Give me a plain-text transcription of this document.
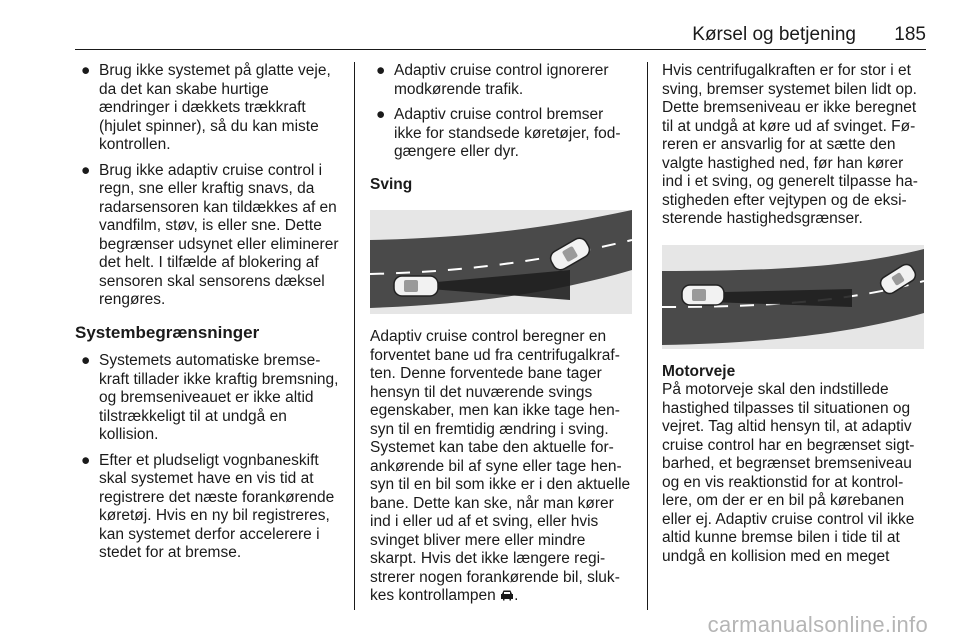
Kørsel og betjening 185
● Brug ikke systemet på glatte veje, da det kan skabe hurtige ændringer i dækkets trækkraft (hjulet spinner), så du kan miste kontrollen.
● Brug ikke adaptiv cruise control i regn, sne eller kraftig snavs, da radarsensoren kan tildækkes af en vandfilm, støv, is eller sne. Dette begrænser udsynet eller eliminerer det helt. I tilfælde af blokering af sensoren skal sensorens dæksel rengøres.
Systembegrænsninger
● Systemets automatiske bremsekraft tillader ikke kraftig bremsning, og bremseniveauet er ikke altid tilstrækkeligt til at undgå en kollision.
● Efter et pludseligt vognbaneskift skal systemet have en vis tid at registrere det næste forankørende køretøj. Hvis en ny bil registreres, kan systemet derfor accelerere i stedet for at bremse.
● Adaptiv cruise control ignorerer modkørende trafik.
● Adaptiv cruise control bremser ikke for standsede køretøjer, fodgængere eller dyr.
Sving

Adaptiv cruise control beregner en forventet bane ud fra centrifugalkraften. Denne forventede bane tager hensyn til det nuværende svings egenskaber, men kan ikke tage hensyn til en fremtidig ændring i sving. Systemet kan tabe den aktuelle forankørende bil af syne eller tage hensyn til en bil som ikke er i den aktuelle bane. Dette kan ske, når man kører ind i eller ud af et sving, eller hvis svinget bliver mere eller mindre skarpt. Hvis det ikke længere registrerer nogen forankørende bil, slukkes kontrollampen .

Hvis centrifugalkraften er for stor i et sving, bremser systemet bilen lidt op. Dette bremseniveau er ikke beregnet til at undgå at køre ud af svinget. Føreren er ansvarlig for at sætte den valgte hastighed ned, før han kører ind i et sving, og generelt tilpasse hastigheden efter vejtypen og de eksisterende hastighedsgrænser.

Motorveje

På motorveje skal den indstillede hastighed tilpasses til situationen og vejret. Tag altid hensyn til, at adaptiv cruise control har en begrænset sigtbarhed, et begrænset bremseniveau og en vis reaktionstid for at kontrollere, om der er en bil på kørebanen eller ej. Adaptiv cruise control vil ikke altid kunne bremse bilen i tide til at undgå en kollision med en meget

carmanualsonline.info
